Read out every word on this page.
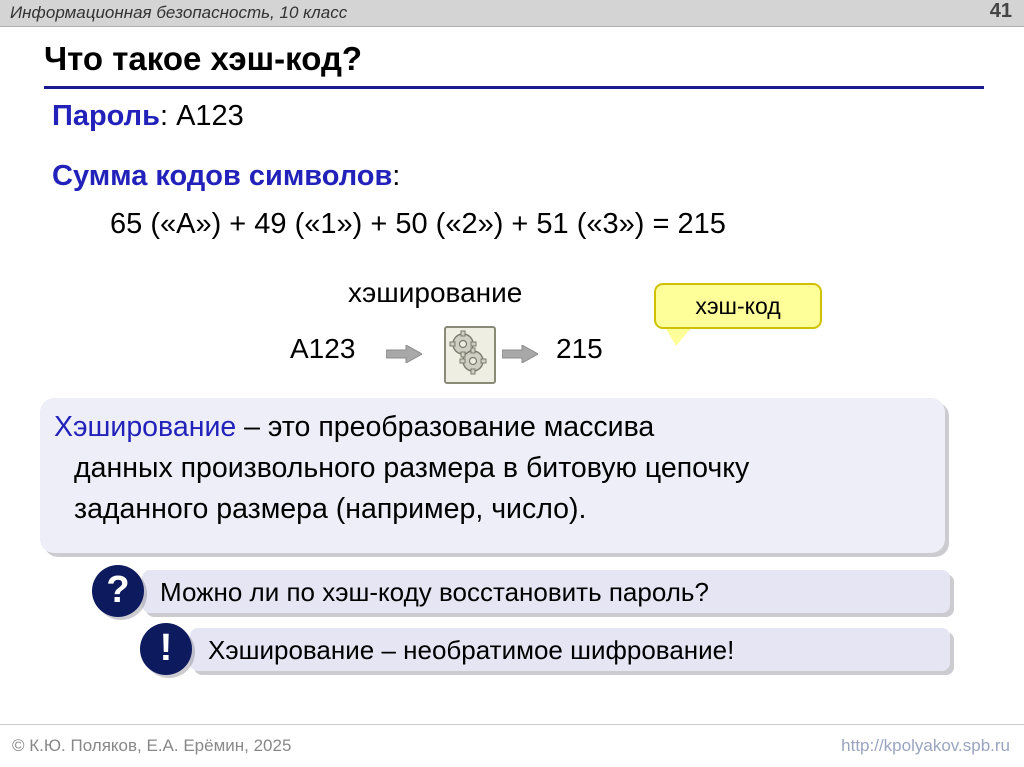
Информационная безопасность, 10 класс	41
Что такое хэш-код?
Пароль: A123
Сумма кодов символов:
65 («A») + 49 («1») + 50 («2») + 51 («3») = 215
хэширование
A123	215
хэш-код
Хэширование – это преобразование массива
данных произвольного размера в битовую цепочку
заданного размера (например, число).
Можно ли по хэш-коду восстановить пароль?
?
Хэширование – необратимое шифрование!
!
© К.Ю. Поляков, Е.А. Ерёмин, 2025	http://kpolyakov.spb.ru
